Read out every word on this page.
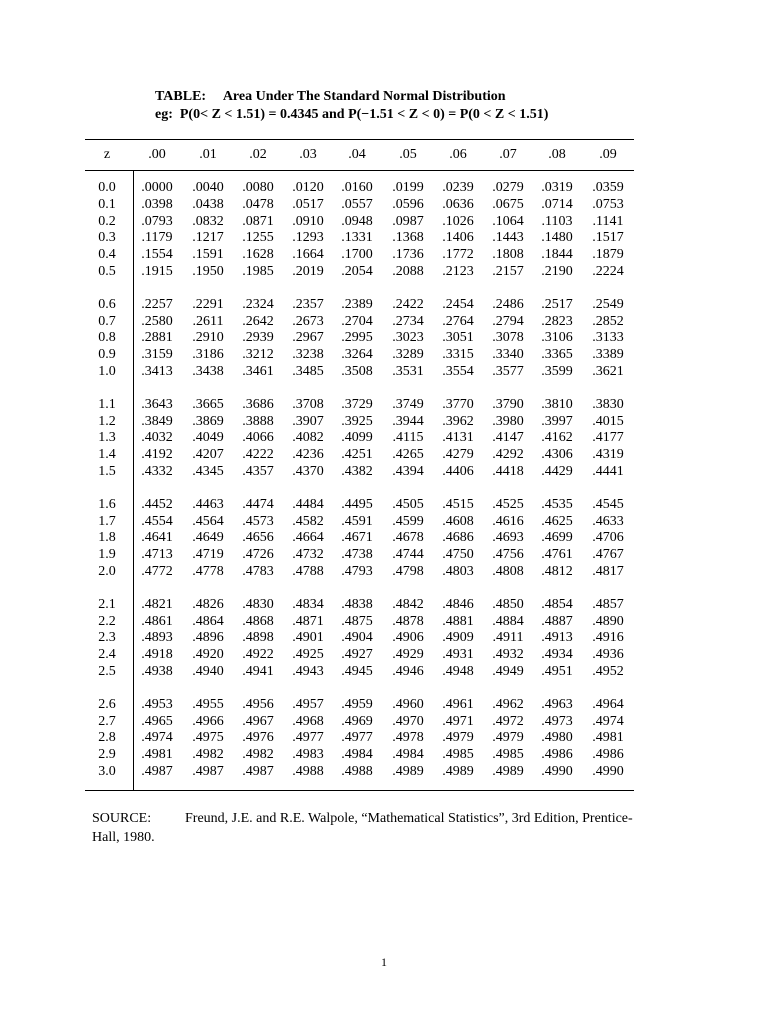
TABLE:     Area Under The Standard Normal Distribution
eg:  P(0< Z < 1.51) = 0.4345 and P(−1.51 < Z < 0) = P(0 < Z < 1.51)
z	.00 .01 .02 .03 .04 .05 .06 .07 .08 .09
0.0	.0000 .0040 .0080 .0120 .0160 .0199 .0239 .0279 .0319 .0359
0.1	.0398 .0438 .0478 .0517 .0557 .0596 .0636 .0675 .0714 .0753
0.2	.0793 .0832 .0871 .0910 .0948 .0987 .1026 .1064 .1103 .1141
0.3	.1179 .1217 .1255 .1293 .1331 .1368 .1406 .1443 .1480 .1517
0.4	.1554 .1591 .1628 .1664 .1700 .1736 .1772 .1808 .1844 .1879
0.5	.1915 .1950 .1985 .2019 .2054 .2088 .2123 .2157 .2190 .2224
0.6	.2257 .2291 .2324 .2357 .2389 .2422 .2454 .2486 .2517 .2549
0.7	.2580 .2611 .2642 .2673 .2704 .2734 .2764 .2794 .2823 .2852
0.8	.2881 .2910 .2939 .2967 .2995 .3023 .3051 .3078 .3106 .3133
0.9	.3159 .3186 .3212 .3238 .3264 .3289 .3315 .3340 .3365 .3389
1.0	.3413 .3438 .3461 .3485 .3508 .3531 .3554 .3577 .3599 .3621
1.1	.3643 .3665 .3686 .3708 .3729 .3749 .3770 .3790 .3810 .3830
1.2	.3849 .3869 .3888 .3907 .3925 .3944 .3962 .3980 .3997 .4015
1.3	.4032 .4049 .4066 .4082 .4099 .4115 .4131 .4147 .4162 .4177
1.4	.4192 .4207 .4222 .4236 .4251 .4265 .4279 .4292 .4306 .4319
1.5	.4332 .4345 .4357 .4370 .4382 .4394 .4406 .4418 .4429 .4441
1.6	.4452 .4463 .4474 .4484 .4495 .4505 .4515 .4525 .4535 .4545
1.7	.4554 .4564 .4573 .4582 .4591 .4599 .4608 .4616 .4625 .4633
1.8	.4641 .4649 .4656 .4664 .4671 .4678 .4686 .4693 .4699 .4706
1.9	.4713 .4719 .4726 .4732 .4738 .4744 .4750 .4756 .4761 .4767
2.0	.4772 .4778 .4783 .4788 .4793 .4798 .4803 .4808 .4812 .4817
2.1	.4821 .4826 .4830 .4834 .4838 .4842 .4846 .4850 .4854 .4857
2.2	.4861 .4864 .4868 .4871 .4875 .4878 .4881 .4884 .4887 .4890
2.3	.4893 .4896 .4898 .4901 .4904 .4906 .4909 .4911 .4913 .4916
2.4	.4918 .4920 .4922 .4925 .4927 .4929 .4931 .4932 .4934 .4936
2.5	.4938 .4940 .4941 .4943 .4945 .4946 .4948 .4949 .4951 .4952
2.6	.4953 .4955 .4956 .4957 .4959 .4960 .4961 .4962 .4963 .4964
2.7	.4965 .4966 .4967 .4968 .4969 .4970 .4971 .4972 .4973 .4974
2.8	.4974 .4975 .4976 .4977 .4977 .4978 .4979 .4979 .4980 .4981
2.9	.4981 .4982 .4982 .4983 .4984 .4984 .4985 .4985 .4986 .4986
3.0	.4987 .4987 .4987 .4988 .4988 .4989 .4989 .4989 .4990 .4990
SOURCE: Freund, J.E. and R.E. Walpole, “Mathematical Statistics”, 3rd Edition, Prentice-Hall, 1980.
1
